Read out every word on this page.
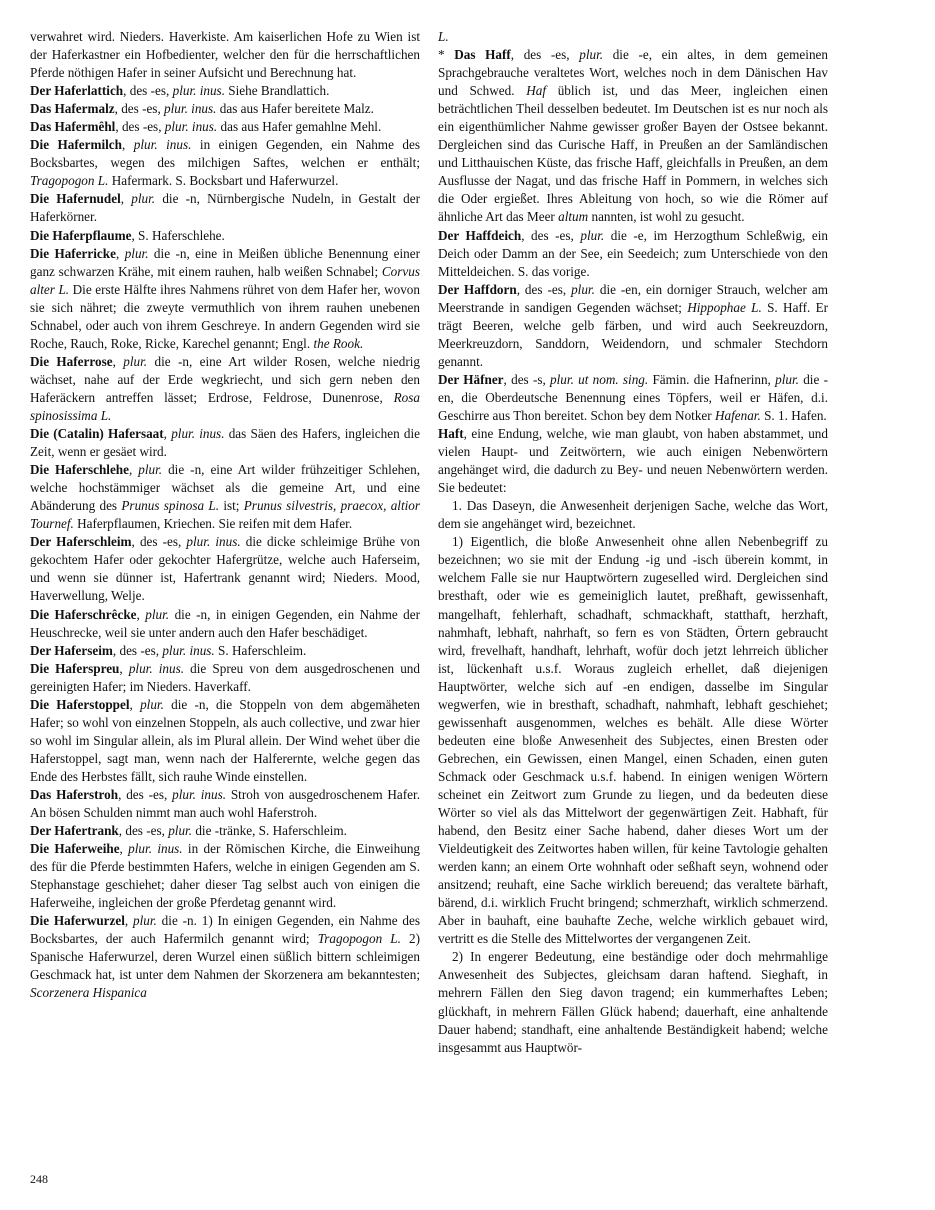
verwahret wird. Nieders. Haverkiste. Am kaiserlichen Hofe zu Wien ist der Haferkastner ein Hofbedienter, welcher den für die herrschaftlichen Pferde nöthigen Hafer in seiner Aufsicht und Berechnung hat.

Der Haferlattich, des -es, plur. inus. Siehe Brandlattich.

Das Hafermalz, des -es, plur. inus. das aus Hafer bereitete Malz.

Das Hafermêhl, des -es, plur. inus. das aus Hafer gemahlne Mehl.

Die Hafermilch, plur. inus. in einigen Gegenden, ein Nahme des Bocksbartes, wegen des milchigen Saftes, welchen er enthält; Tragopogon L. Hafermark. S. Bocksbart und Haferwurzel.

Die Hafernudel, plur. die -n, Nürnbergische Nudeln, in Gestalt der Haferkörner.

Die Haferpflaume, S. Haferschlehe.

Die Haferricke, plur. die -n, eine in Meißen übliche Benennung einer ganz schwarzen Krähe, mit einem rauhen, halb weißen Schnabel; Corvus alter L. Die erste Hälfte ihres Nahmens rühret von dem Hafer her, wovon sie sich nähret; die zweyte vermuthlich von ihrem rauhen unebenen Schnabel, oder auch von ihrem Geschreye. In andern Gegenden wird sie Roche, Rauch, Roke, Ricke, Karechel genannt; Engl. the Rook.

Die Haferrose, plur. die -n, eine Art wilder Rosen, welche niedrig wächset, nahe auf der Erde wegkriecht, und sich gern neben den Haferäckern antreffen lässet; Erdrose, Feldrose, Dunenrose, Rosa spinosissima L.

Die (Catalin) Hafersaat, plur. inus. das Säen des Hafers, ingleichen die Zeit, wenn er gesäet wird.

Die Haferschlehe, plur. die -n, eine Art wilder frühzeitiger Schlehen, welche hochstämmiger wächset als die gemeine Art, und eine Abänderung des Prunus spinosa L. ist; Prunus silvestris, praecox, altior Tournef. Haferpflaumen, Kriechen. Sie reifen mit dem Hafer.

Der Haferschleim, des -es, plur. inus. die dicke schleimige Brühe von gekochtem Hafer oder gekochter Hafergrütze, welche auch Haferseim, und wenn sie dünner ist, Hafertrank genannt wird; Nieders. Mood, Haverwellung, Welje.

Die Haferschrêcke, plur. die -n, in einigen Gegenden, ein Nahme der Heuschrecke, weil sie unter andern auch den Hafer beschädiget.

Der Haferseim, des -es, plur. inus. S. Haferschleim.

Die Haferspreu, plur. inus. die Spreu von dem ausgedroschenen und gereinigten Hafer; im Nieders. Haverkaff.

Die Haferstoppel, plur. die -n, die Stoppeln von dem abgemäheten Hafer; so wohl von einzelnen Stoppeln, als auch collective, und zwar hier so wohl im Singular allein, als im Plural allein. Der Wind wehet über die Haferstoppel, sagt man, wenn nach der Halferernte, welche gegen das Ende des Herbstes fällt, sich rauhe Winde einstellen.

Das Haferstroh, des -es, plur. inus. Stroh von ausgedroschenem Hafer. An bösen Schulden nimmt man auch wohl Haferstroh.

Der Hafertrank, des -es, plur. die -tränke, S. Haferschleim.

Die Haferweihe, plur. inus. in der Römischen Kirche, die Einweihung des für die Pferde bestimmten Hafers, welche in einigen Gegenden am S. Stephanstage geschiehet; daher dieser Tag selbst auch von einigen die Haferweihe, ingleichen der große Pferdetag genannt wird.

Die Haferwurzel, plur. die -n. 1) In einigen Gegenden, ein Nahme des Bocksbartes, der auch Hafermilch genannt wird; Tragopogon L. 2) Spanische Haferwurzel, deren Wurzel einen süßlich bittern schleimigen Geschmack hat, ist unter dem Nahmen der Skorzenera am bekanntesten; Scorzenera Hispanica

L.

* Das Haff, des -es, plur. die -e, ein altes, in dem gemeinen Sprachgebrauche veraltetes Wort, welches noch in dem Dänischen Hav und Schwed. Haf üblich ist, und das Meer, ingleichen einen beträchtlichen Theil desselben bedeutet. Im Deutschen ist es nur noch als ein eigenthümlicher Nahme gewisser großer Bayen der Ostsee bekannt. Dergleichen sind das Curische Haff, in Preußen an der Samländischen und Litthauischen Küste, das frische Haff, gleichfalls in Preußen, an dem Ausflusse der Nagat, und das frische Haff in Pommern, in welches sich die Oder ergießet. Ihres Ableitung von hoch, so wie die Römer auf ähnliche Art das Meer altum nannten, ist wohl zu gesucht.

Der Haffdeich, des -es, plur. die -e, im Herzogthum Schleßwig, ein Deich oder Damm an der See, ein Seedeich; zum Unterschiede von den Mitteldeichen. S. das vorige.

Der Haffdorn, des -es, plur. die -en, ein dorniger Strauch, welcher am Meerstrande in sandigen Gegenden wächset; Hippophae L. S. Haff. Er trägt Beeren, welche gelb färben, und wird auch Seekreuzdorn, Meerkreuzdorn, Sanddorn, Weidendorn, und schmaler Stechdorn genannt.

Der Häfner, des -s, plur. ut nom. sing. Fämin. die Hafnerinn, plur. die -en, die Oberdeutsche Benennung eines Töpfers, weil er Häfen, d.i. Geschirre aus Thon bereitet. Schon bey dem Notker Hafenar. S. 1. Hafen.

Haft, eine Endung, welche, wie man glaubt, von haben abstammet, und vielen Haupt- und Zeitwörtern, wie auch einigen Nebenwörtern angehänget wird, die dadurch zu Bey- und neuen Nebenwörtern werden. Sie bedeutet:

1. Das Daseyn, die Anwesenheit derjenigen Sache, welche das Wort, dem sie angehänget wird, bezeichnet.

1) Eigentlich, die bloße Anwesenheit ohne allen Nebenbegriff zu bezeichnen; wo sie mit der Endung -ig und -isch überein kommt, in welchem Falle sie nur Hauptwörtern zugeselled wird. Dergleichen sind bresthaft, oder wie es gemeiniglich lautet, preßhaft, gewissenhaft, mangelhaft, fehlerhaft, schadhaft, schmackhaft, statthaft, herzhaft, nahmhaft, lebhaft, nahrhaft, so fern es von Städten, Örtern gebraucht wird, frevelhaft, handhaft, lehrhaft, wofür doch jetzt lehrreich üblicher ist, lückenhaft u.s.f. Woraus zugleich erhellet, daß diejenigen Hauptwörter, welche sich auf -en endigen, dasselbe im Singular wegwerfen, wie in bresthaft, schadhaft, nahmhaft, lebhaft geschiehet; gewissenhaft ausgenommen, welches es behält. Alle diese Wörter bedeuten eine bloße Anwesenheit des Subjectes, einen Bresten oder Gebrechen, ein Gewissen, einen Mangel, einen Schaden, einen guten Schmack oder Geschmack u.s.f. habend. In einigen wenigen Wörtern scheinet ein Zeitwort zum Grunde zu liegen, und da bedeuten diese Wörter so viel als das Mittelwort der gegenwärtigen Zeit. Habhaft, für habend, den Besitz einer Sache habend, daher dieses Wort um der Vieldeutigkeit des Zeitwortes haben willen, für keine Tavtologie gehalten werden kann; an einem Orte wohnhaft oder seßhaft seyn, wohnend oder ansitzend; reuhaft, eine Sache wirklich bereuend; das veraltete bärhaft, bärend, d.i. wirklich Frucht bringend; schmerzhaft, wirklich schmerzend. Aber in bauhaft, eine bauhafte Zeche, welche wirklich gebauet wird, vertritt es die Stelle des Mittelwortes der vergangenen Zeit.

2) In engerer Bedeutung, eine beständige oder doch mehrmahlige Anwesenheit des Subjectes, gleichsam daran haftend. Sieghaft, in mehrern Fällen den Sieg davon tragend; ein kummerhaftes Leben; glückhaft, in mehrern Fällen Glück habend; dauerhaft, eine anhaltende Dauer habend; standhaft, eine anhaltende Beständigkeit habend; welche insgesammt aus Hauptwör-

248
